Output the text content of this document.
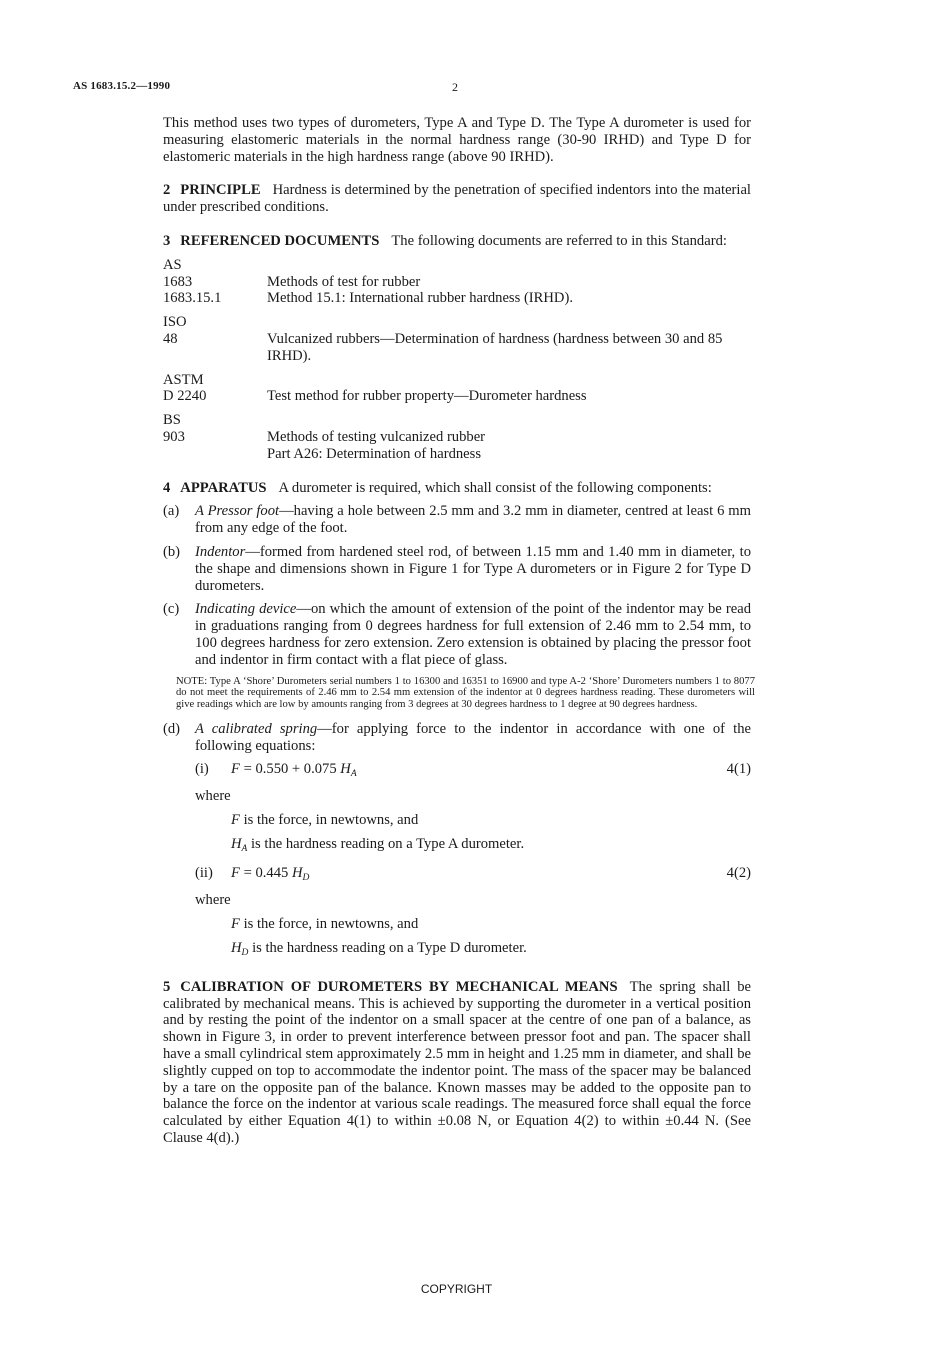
AS 1683.15.2—1990	2

This method uses two types of durometers, Type A and Type D. The Type A durometer is used for measuring elastomeric materials in the normal hardness range (30-90 IRHD) and Type D for elastomeric materials in the high hardness range (above 90 IRHD).

2 PRINCIPLE Hardness is determined by the penetration of specified indentors into the material under prescribed conditions.

3 REFERENCED DOCUMENTS The following documents are referred to in this Standard:

AS
1683	Methods of test for rubber
1683.15.1	Method 15.1: International rubber hardness (IRHD).
ISO
48	Vulcanized rubbers—Determination of hardness (hardness between 30 and 85 IRHD).
ASTM
D 2240	Test method for rubber property—Durometer hardness
BS
903	Methods of testing vulcanized rubber
Part A26: Determination of hardness

4 APPARATUS A durometer is required, which shall consist of the following components:

(a)	A Pressor foot—having a hole between 2.5 mm and 3.2 mm in diameter, centred at least 6 mm from any edge of the foot.
(b)	Indentor—formed from hardened steel rod, of between 1.15 mm and 1.40 mm in diameter, to the shape and dimensions shown in Figure 1 for Type A durometers or in Figure 2 for Type D durometers.
(c)	Indicating device—on which the amount of extension of the point of the indentor may be read in graduations ranging from 0 degrees hardness for full extension of 2.46 mm to 2.54 mm, to 100 degrees hardness for zero extension. Zero extension is obtained by placing the pressor foot and indentor in firm contact with a flat piece of glass.
NOTE: Type A ‘Shore’ Durometers serial numbers 1 to 16300 and 16351 to 16900 and type A-2 ‘Shore’ Durometers numbers 1 to 8077 do not meet the requirements of 2.46 mm to 2.54 mm extension of the indentor at 0 degrees hardness reading. These durometers will give readings which are low by amounts ranging from 3 degrees at 30 degrees hardness to 1 degree at 90 degrees hardness.
(d)	A calibrated spring—for applying force to the indentor in accordance with one of the following equations:
(i)	F = 0.550 + 0.075 $H_A$	4(1)
where
F is the force, in newtowns, and
$H_A$ is the hardness reading on a Type A durometer.
(ii)	F = 0.445 $H_D$	4(2)
where
F is the force, in newtowns, and
$H_D$ is the hardness reading on a Type D durometer.

5 CALIBRATION OF DUROMETERS BY MECHANICAL MEANS The spring shall be calibrated by mechanical means. This is achieved by supporting the durometer in a vertical position and by resting the point of the indentor on a small spacer at the centre of one pan of a balance, as shown in Figure 3, in order to prevent interference between pressor foot and pan. The spacer shall have a small cylindrical stem approximately 2.5 mm in height and 1.25 mm in diameter, and shall be slightly cupped on top to accommodate the indentor point. The mass of the spacer may be balanced by a tare on the opposite pan of the balance. Known masses may be added to the opposite pan to balance the force on the indentor at various scale readings. The measured force shall equal the force calculated by either Equation 4(1) to within ±0.08 N, or Equation 4(2) to within ±0.44 N. (See Clause 4(d).)

COPYRIGHT
